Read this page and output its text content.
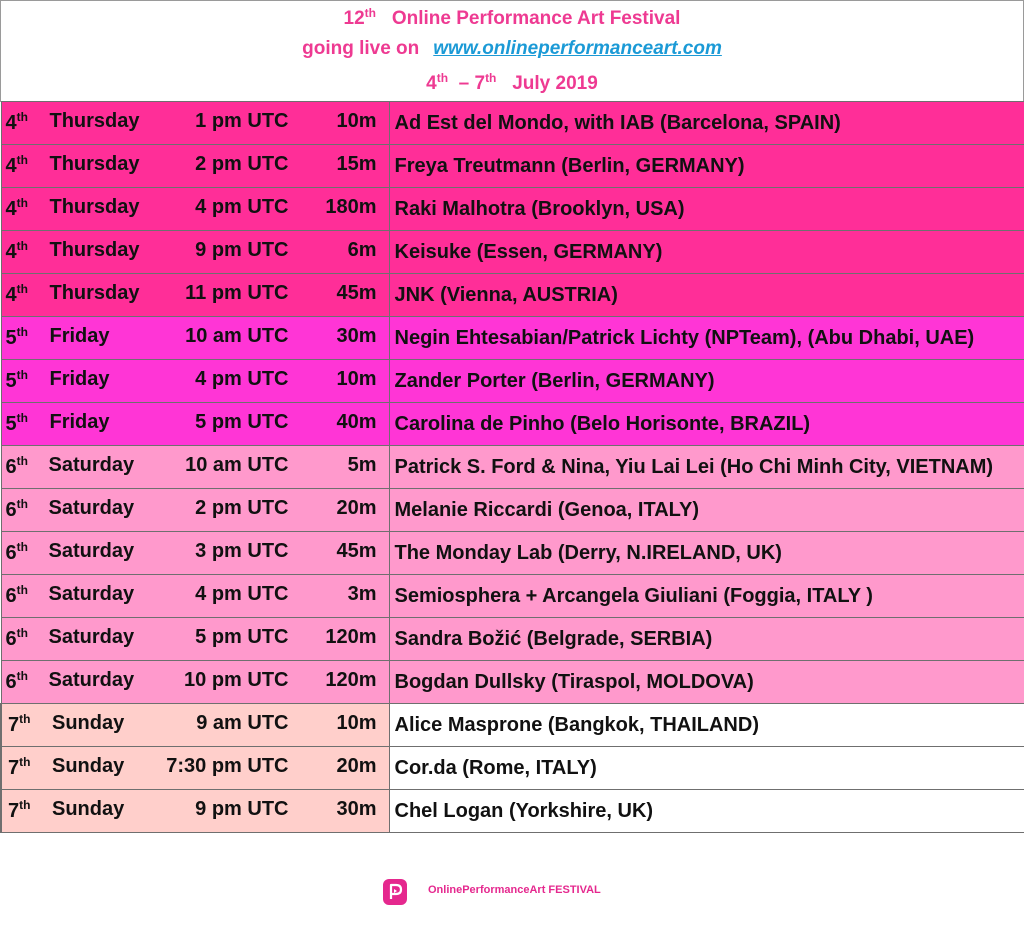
12th Online Performance Art Festival
going live on www.onlineperformanceart.com
4th – 7th July 2019
4th Thursday 1 pm UTC 10m	Ad Est del Mondo, with IAB (Barcelona, SPAIN)

4th Thursday 2 pm UTC 15m	Freya Treutmann (Berlin, GERMANY)

4th Thursday 4 pm UTC 180m	Raki Malhotra (Brooklyn, USA)

4th Thursday 9 pm UTC 6m	Keisuke (Essen, GERMANY)

4th Thursday 11 pm UTC 45m	JNK (Vienna, AUSTRIA)

5th Friday 10 am UTC 30m	Negin Ehtesabian/Patrick Lichty (NPTeam), (Abu Dhabi, UAE)

5th Friday 4 pm UTC 10m	Zander Porter (Berlin, GERMANY)

5th Friday 5 pm UTC 40m	Carolina de Pinho (Belo Horisonte, BRAZIL)

6th Saturday 10 am UTC 5m	Patrick S. Ford & Nina, Yiu Lai Lei (Ho Chi Minh City, VIETNAM)

6th Saturday 2 pm UTC 20m	Melanie Riccardi (Genoa, ITALY)

6th Saturday 3 pm UTC 45m	The Monday Lab (Derry, N.IRELAND, UK)

6th Saturday 4 pm UTC 3m	Semiosphera + Arcangela Giuliani (Foggia, ITALY )

6th Saturday 5 pm UTC 120m	Sandra Božić (Belgrade, SERBIA)

6th Saturday 10 pm UTC 120m	Bogdan Dullsky (Tiraspol, MOLDOVA)

7th Sunday 9 am UTC 10m	Alice Masprone (Bangkok, THAILAND)

7th Sunday 7:30 pm UTC 20m	Cor.da (Rome, ITALY)

7th Sunday 9 pm UTC 30m	Chel Logan (Yorkshire, UK)
OnlinePerformanceArt FESTIVAL
